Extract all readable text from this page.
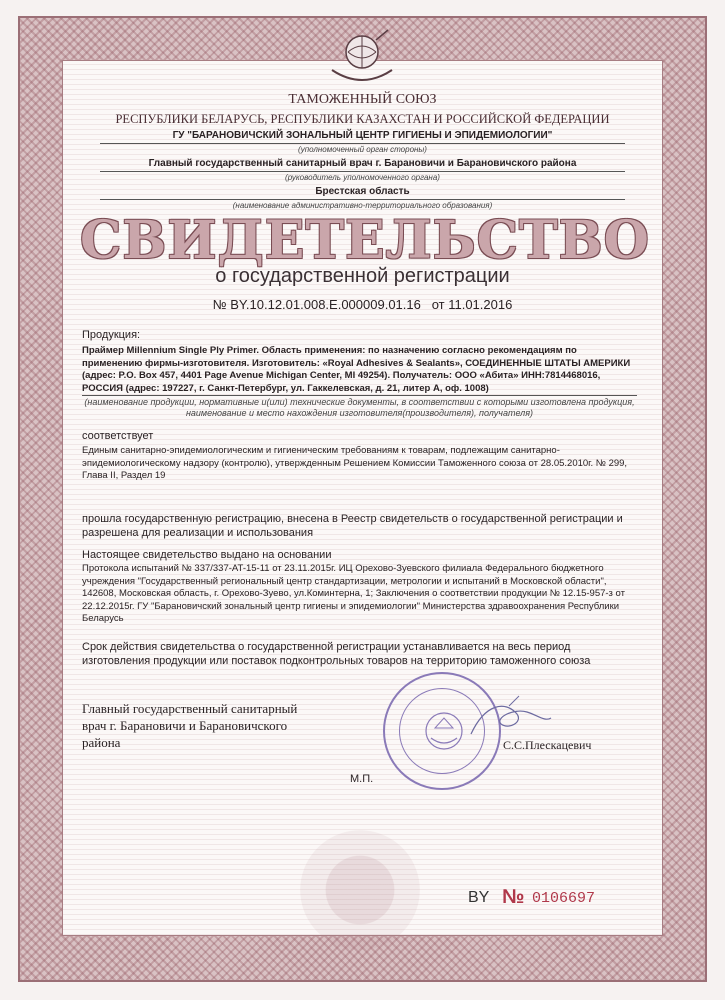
ТАМОЖЕННЫЙ СОЮЗ
РЕСПУБЛИКИ БЕЛАРУСЬ, РЕСПУБЛИКИ КАЗАХСТАН И РОССИЙСКОЙ ФЕДЕРАЦИИ
ГУ "БАРАНОВИЧСКИЙ ЗОНАЛЬНЫЙ ЦЕНТР ГИГИЕНЫ И ЭПИДЕМИОЛОГИИ"
(уполномоченный орган стороны)
Главный государственный санитарный врач г. Барановичи и Барановичского района
(руководитель уполномоченного органа)
Брестская область
(наименование административно-территориального образования)
СВИДЕТЕЛЬСТВО
о государственной регистрации
№ BY.10.12.01.008.E.000009.01.16 от 11.01.2016
Продукция:
Праймер Millennium Single Ply Primer. Область применения: по назначению согласно рекомендациям по применению фирмы-изготовителя. Изготовитель: «Royal Adhesives & Sealants», СОЕДИНЕННЫЕ ШТАТЫ АМЕРИКИ (адрес: P.O. Box 457, 4401 Page Avenue Michigan Center, MI 49254). Получатель: ООО «Абита» ИНН:7814468016, РОССИЯ (адрес: 197227, г. Санкт-Петербург, ул. Гаккелевская, д. 21, литер А, оф. 1008)
(наименование продукции, нормативные и(или) технические документы, в соответствии с которыми изготовлена продукция, наименование и место нахождения изготовителя(производителя), получателя)
соответствует
Единым санитарно-эпидемиологическим и гигиеническим требованиям к товарам, подлежащим санитарно-эпидемиологическому надзору (контролю), утвержденным Решением Комиссии Таможенного союза от 28.05.2010г. № 299, Глава II, Раздел 19
прошла государственную регистрацию, внесена в Реестр свидетельств о государственной регистрации и разрешена для реализации и использования
Настоящее свидетельство выдано на основании
Протокола испытаний № 337/337-AT-15-11 от 23.11.2015г. ИЦ Орехово-Зуевского филиала Федерального бюджетного учреждения "Государственный региональный центр стандартизации, метрологии и испытаний в Московской области", 142608, Московская область, г. Орехово-Зуево, ул.Коминтерна, 1; Заключения о соответствии продукции № 12.15-957-з от 22.12.2015г. ГУ "Барановичский зональный центр гигиены и эпидемиологии" Министерства здравоохранения Республики Беларусь
Срок действия свидетельства о государственной регистрации устанавливается на весь период изготовления продукции или поставок подконтрольных товаров на территорию таможенного союза
Главный государственный санитарный врач г. Барановичи и Барановичского района	С.С.Плескацевич
М.П.
BY № 0106697
